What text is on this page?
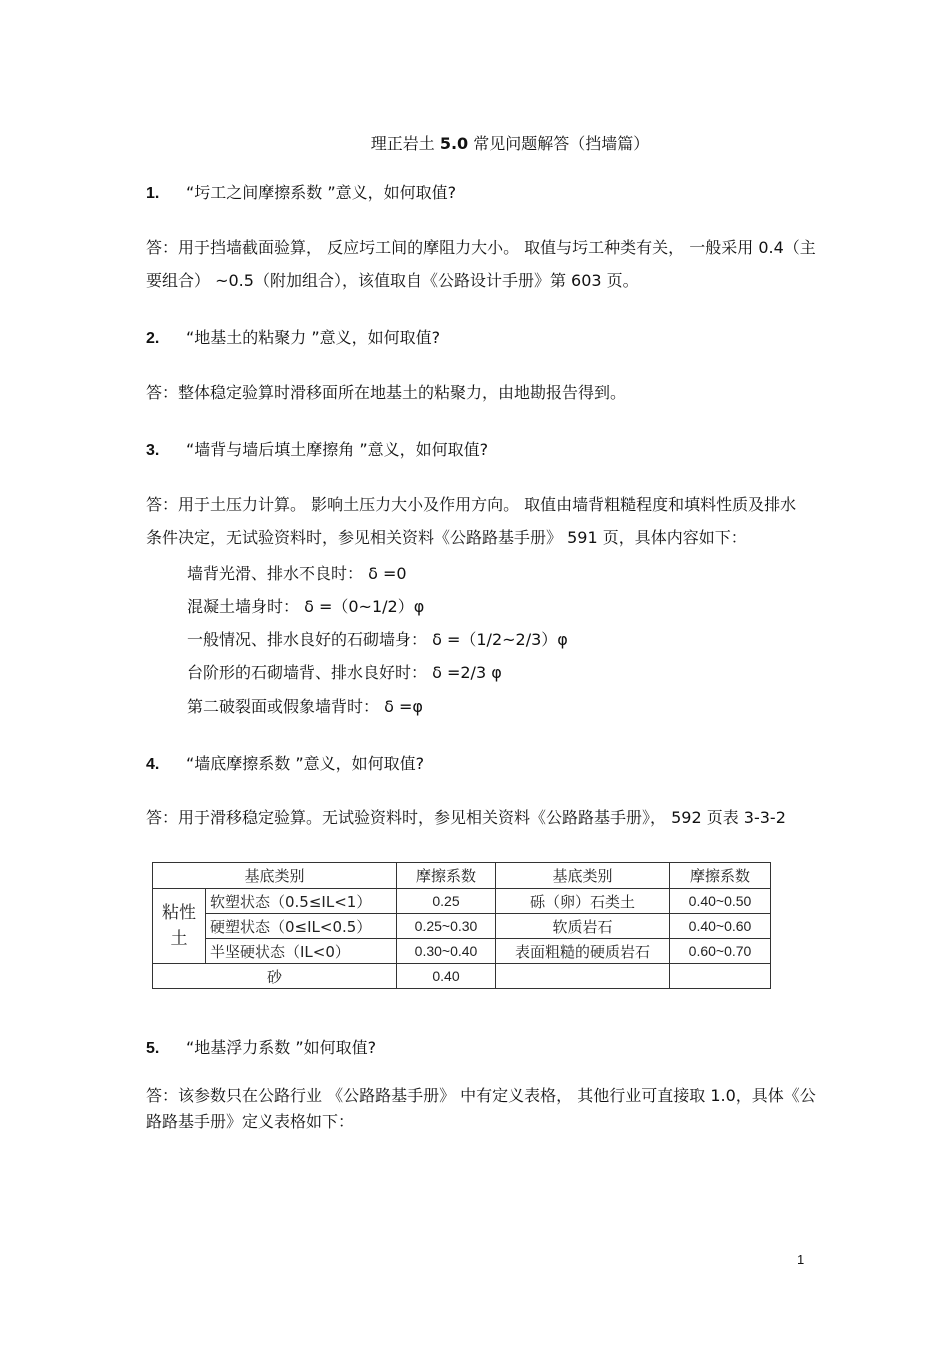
理正岩土 5.0 常见问题解答（挡墙篇）
1. “圬工之间摩擦系数 ”意义，如何取值?
答：用于挡墙截面验算， 反应圬工间的摩阻力大小。 取值与圬工种类有关， 一般采用 0.4（主
要组合） ~0.5（附加组合），该值取自《公路设计手册》第 603 页。
2. “地基土的粘聚力 ”意义，如何取值?
答：整体稳定验算时滑移面所在地基土的粘聚力，由地勘报告得到。
3. “墙背与墙后填土摩擦角 ”意义，如何取值?
答：用于土压力计算。 影响土压力大小及作用方向。 取值由墙背粗糙程度和填料性质及排水
条件决定，无试验资料时，参见相关资料《公路路基手册》 591 页，具体内容如下：
墙背光滑、排水不良时： δ =0
混凝土墙身时： δ =（0~1/2）φ
一般情况、排水良好的石砌墙身： δ =（1/2~2/3）φ
台阶形的石砌墙背、排水良好时： δ =2/3 φ
第二破裂面或假象墙背时： δ =φ
4. “墙底摩擦系数 ”意义，如何取值?
答：用于滑移稳定验算。无试验资料时，参见相关资料《公路路基手册》， 592 页表 3-3-2
基底类别		摩擦系数	基底类别	摩擦系数

粘性土	软塑状态（0.5≤IL<1）	0.25	砾（卵）石类土	0.40~0.50
	硬塑状态（0≤IL<0.5）	0.25~0.30	软质岩石	0.40~0.60
	半坚硬状态（IL<0）	0.30~0.40	表面粗糙的硬质岩石	0.60~0.70
砂		0.40		
5. “地基浮力系数 ”如何取值?
答：该参数只在公路行业 《公路路基手册》 中有定义表格， 其他行业可直接取 1.0，具体《公
路路基手册》定义表格如下：
1
